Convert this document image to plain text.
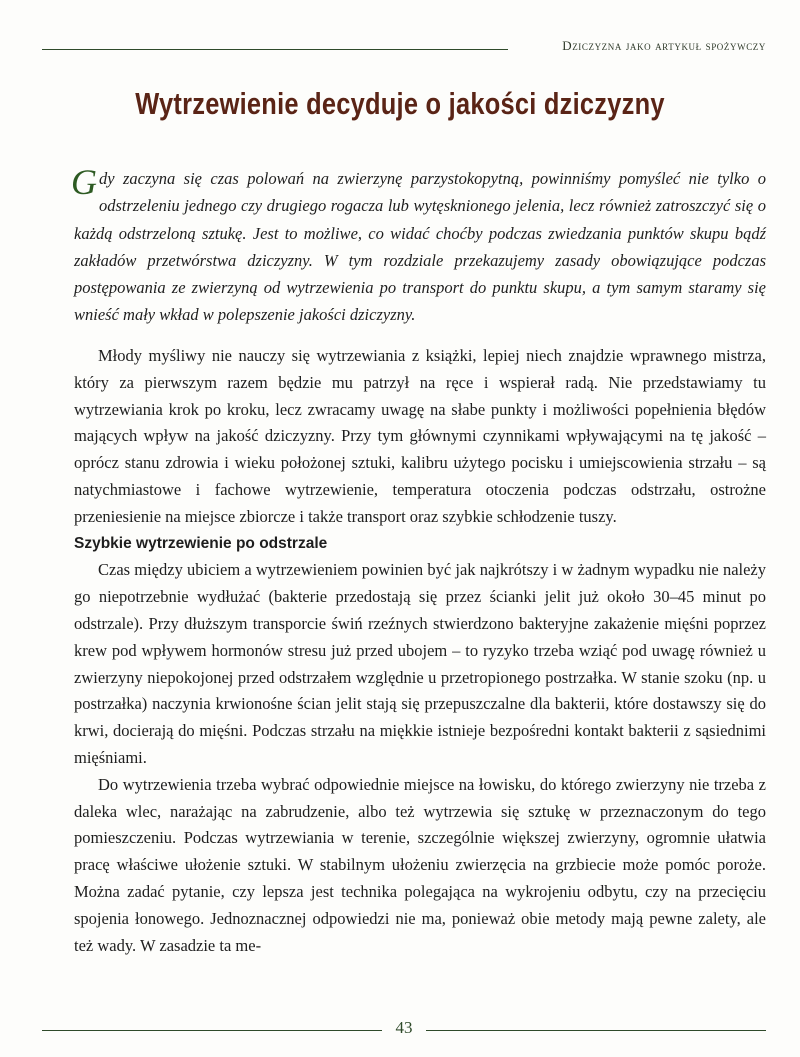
Dziczyzna jako artykuł spożywczy
Wytrzewienie decyduje o jakości dziczyzny
Gdy zaczyna się czas polowań na zwierzynę parzystokopytną, powinniśmy pomyśleć nie tylko o odstrzeleniu jednego czy drugiego rogacza lub wytęsknionego jelenia, lecz również zatroszczyć się o każdą odstrzeloną sztukę. Jest to możliwe, co widać choćby podczas zwiedzania punktów skupu bądź zakładów przetwórstwa dziczyzny. W tym rozdziale przekazujemy zasady obowiązujące podczas postępowania ze zwierzyną od wytrzewienia po transport do punktu skupu, a tym samym staramy się wnieść mały wkład w polepszenie jakości dziczyzny.

Młody myśliwy nie nauczy się wytrzewiania z książki, lepiej niech znajdzie wprawnego mistrza, który za pierwszym razem będzie mu patrzył na ręce i wspierał radą. Nie przedstawiamy tu wytrzewiania krok po kroku, lecz zwracamy uwagę na słabe punkty i możliwości popełnienia błędów mających wpływ na jakość dziczyzny. Przy tym głównymi czynnikami wpływającymi na tę jakość – oprócz stanu zdrowia i wieku położonej sztuki, kalibru użytego pocisku i umiejscowienia strzału – są natychmiastowe i fachowe wytrzewienie, temperatura otoczenia podczas odstrzału, ostrożne przeniesienie na miejsce zbiorcze i także transport oraz szybkie schłodzenie tuszy.

Szybkie wytrzewienie po odstrzale

Czas między ubiciem a wytrzewieniem powinien być jak najkrótszy i w żadnym wypadku nie należy go niepotrzebnie wydłużać (bakterie przedostają się przez ścianki jelit już około 30–45 minut po odstrzale). Przy dłuższym transporcie świń rzeźnych stwierdzono bakteryjne zakażenie mięśni poprzez krew pod wpływem hormonów stresu już przed ubojem – to ryzyko trzeba wziąć pod uwagę również u zwierzyny niepokojonej przed odstrzałem względnie u przetropionego postrzałka. W stanie szoku (np. u postrzałka) naczynia krwionośne ścian jelit stają się przepuszczalne dla bakterii, które dostawszy się do krwi, docierają do mięśni. Podczas strzału na miękkie istnieje bezpośredni kontakt bakterii z sąsiednimi mięśniami.

Do wytrzewienia trzeba wybrać odpowiednie miejsce na łowisku, do którego zwierzyny nie trzeba z daleka wlec, narażając na zabrudzenie, albo też wytrzewia się sztukę w przeznaczonym do tego pomieszczeniu. Podczas wytrzewiania w terenie, szczególnie większej zwierzyny, ogromnie ułatwia pracę właściwe ułożenie sztuki. W stabilnym ułożeniu zwierzęcia na grzbiecie może pomóc poroże. Można zadać pytanie, czy lepsza jest technika polegająca na wykrojeniu odbytu, czy na przecięciu spojenia łonowego. Jednoznacznej odpowiedzi nie ma, ponieważ obie metody mają pewne zalety, ale też wady. W zasadzie ta me-

43
